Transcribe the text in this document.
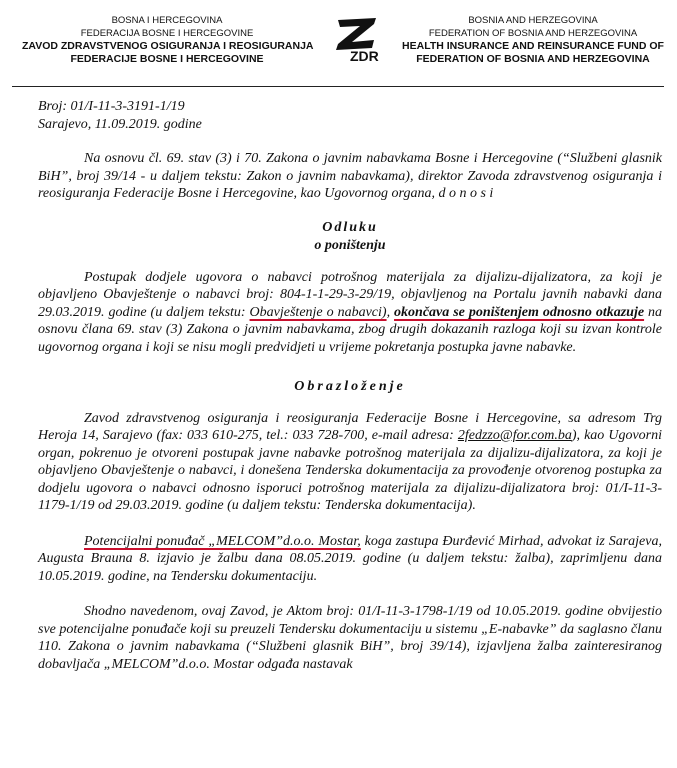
BOSNA I HERCEGOVINA
FEDERACIJA BOSNE I HERCEGOVINE
ZAVOD ZDRAVSTVENOG OSIGURANJA I REOSIGURANJA
FEDERACIJE BOSNE I HERCEGOVINE	ZDR
BOSNIA AND HERZEGOVINA
FEDERATION OF BOSNIA AND HERZEGOVINA
HEALTH INSURANCE AND REINSURANCE FUND OF
FEDERATION OF BOSNIA AND HERZEGOVINA
Broj: 01/I-11-3-3191-1/19
Sarajevo, 11.09.2019. godine

Na osnovu čl. 69. stav (3) i 70. Zakona o javnim nabavkama Bosne i Hercegovine (“Službeni glasnik BiH”, broj 39/14 - u daljem tekstu: Zakon o javnim nabavkama), direktor Zavoda zdravstvenog osiguranja i reosiguranja Federacije Bosne i Hercegovine, kao Ugovornog organa, d o n o s i

Odluku
o poništenju

Postupak dodjele ugovora o nabavci potrošnog materijala za dijalizu-dijalizatora, za koji je objavljeno Obavještenje o nabavci broj: 804-1-1-29-3-29/19, objavljenog na Portalu javnih nabavki dana 29.03.2019. godine (u daljem tekstu: Obavještenje o nabavci), okončava se poništenjem odnosno otkazuje na osnovu člana 69. stav (3) Zakona o javnim nabavkama, zbog drugih dokazanih razloga koji su izvan kontrole ugovornog organa i koji se nisu mogli predvidjeti u vrijeme pokretanja postupka javne nabavke.

Obrazloženje

Zavod zdravstvenog osiguranja i reosiguranja Federacije Bosne i Hercegovine, sa adresom Trg Heroja 14, Sarajevo (fax: 033 610-275, tel.: 033 728-700, e-mail adresa: 2fedzzo@for.com.ba), kao Ugovorni organ, pokrenuo je otvoreni postupak javne nabavke potrošnog materijala za dijalizu-dijalizatora, za koji je objavljeno Obavještenje o nabavci, i donešena Tenderska dokumentacija za provođenje otvorenog postupka za dodjelu ugovora o nabavci odnosno isporuci potrošnog materijala za dijalizu-dijalizatora broj: 01/I-11-3-1179-1/19 od 29.03.2019. godine (u daljem tekstu: Tenderska dokumentacija).

Potencijalni ponuđač „MELCOM”d.o.o. Mostar, koga zastupa Đurđević Mirhad, advokat iz Sarajeva, Augusta Brauna 8. izjavio je žalbu dana 08.05.2019. godine (u daljem tekstu: žalba), zaprimljenu dana 10.05.2019. godine, na Tendersku dokumentaciju.

Shodno navedenom, ovaj Zavod, je Aktom broj: 01/I-11-3-1798-1/19 od 10.05.2019. godine obvijestio sve potencijalne ponuđače koji su preuzeli Tendersku dokumentaciju u sistemu „E-nabavke” da saglasno članu 110. Zakona o javnim nabavkama (“Službeni glasnik BiH”, broj 39/14), izjavljena žalba zainteresiranog dobavljača „MELCOM”d.o.o. Mostar odgađa nastavak
